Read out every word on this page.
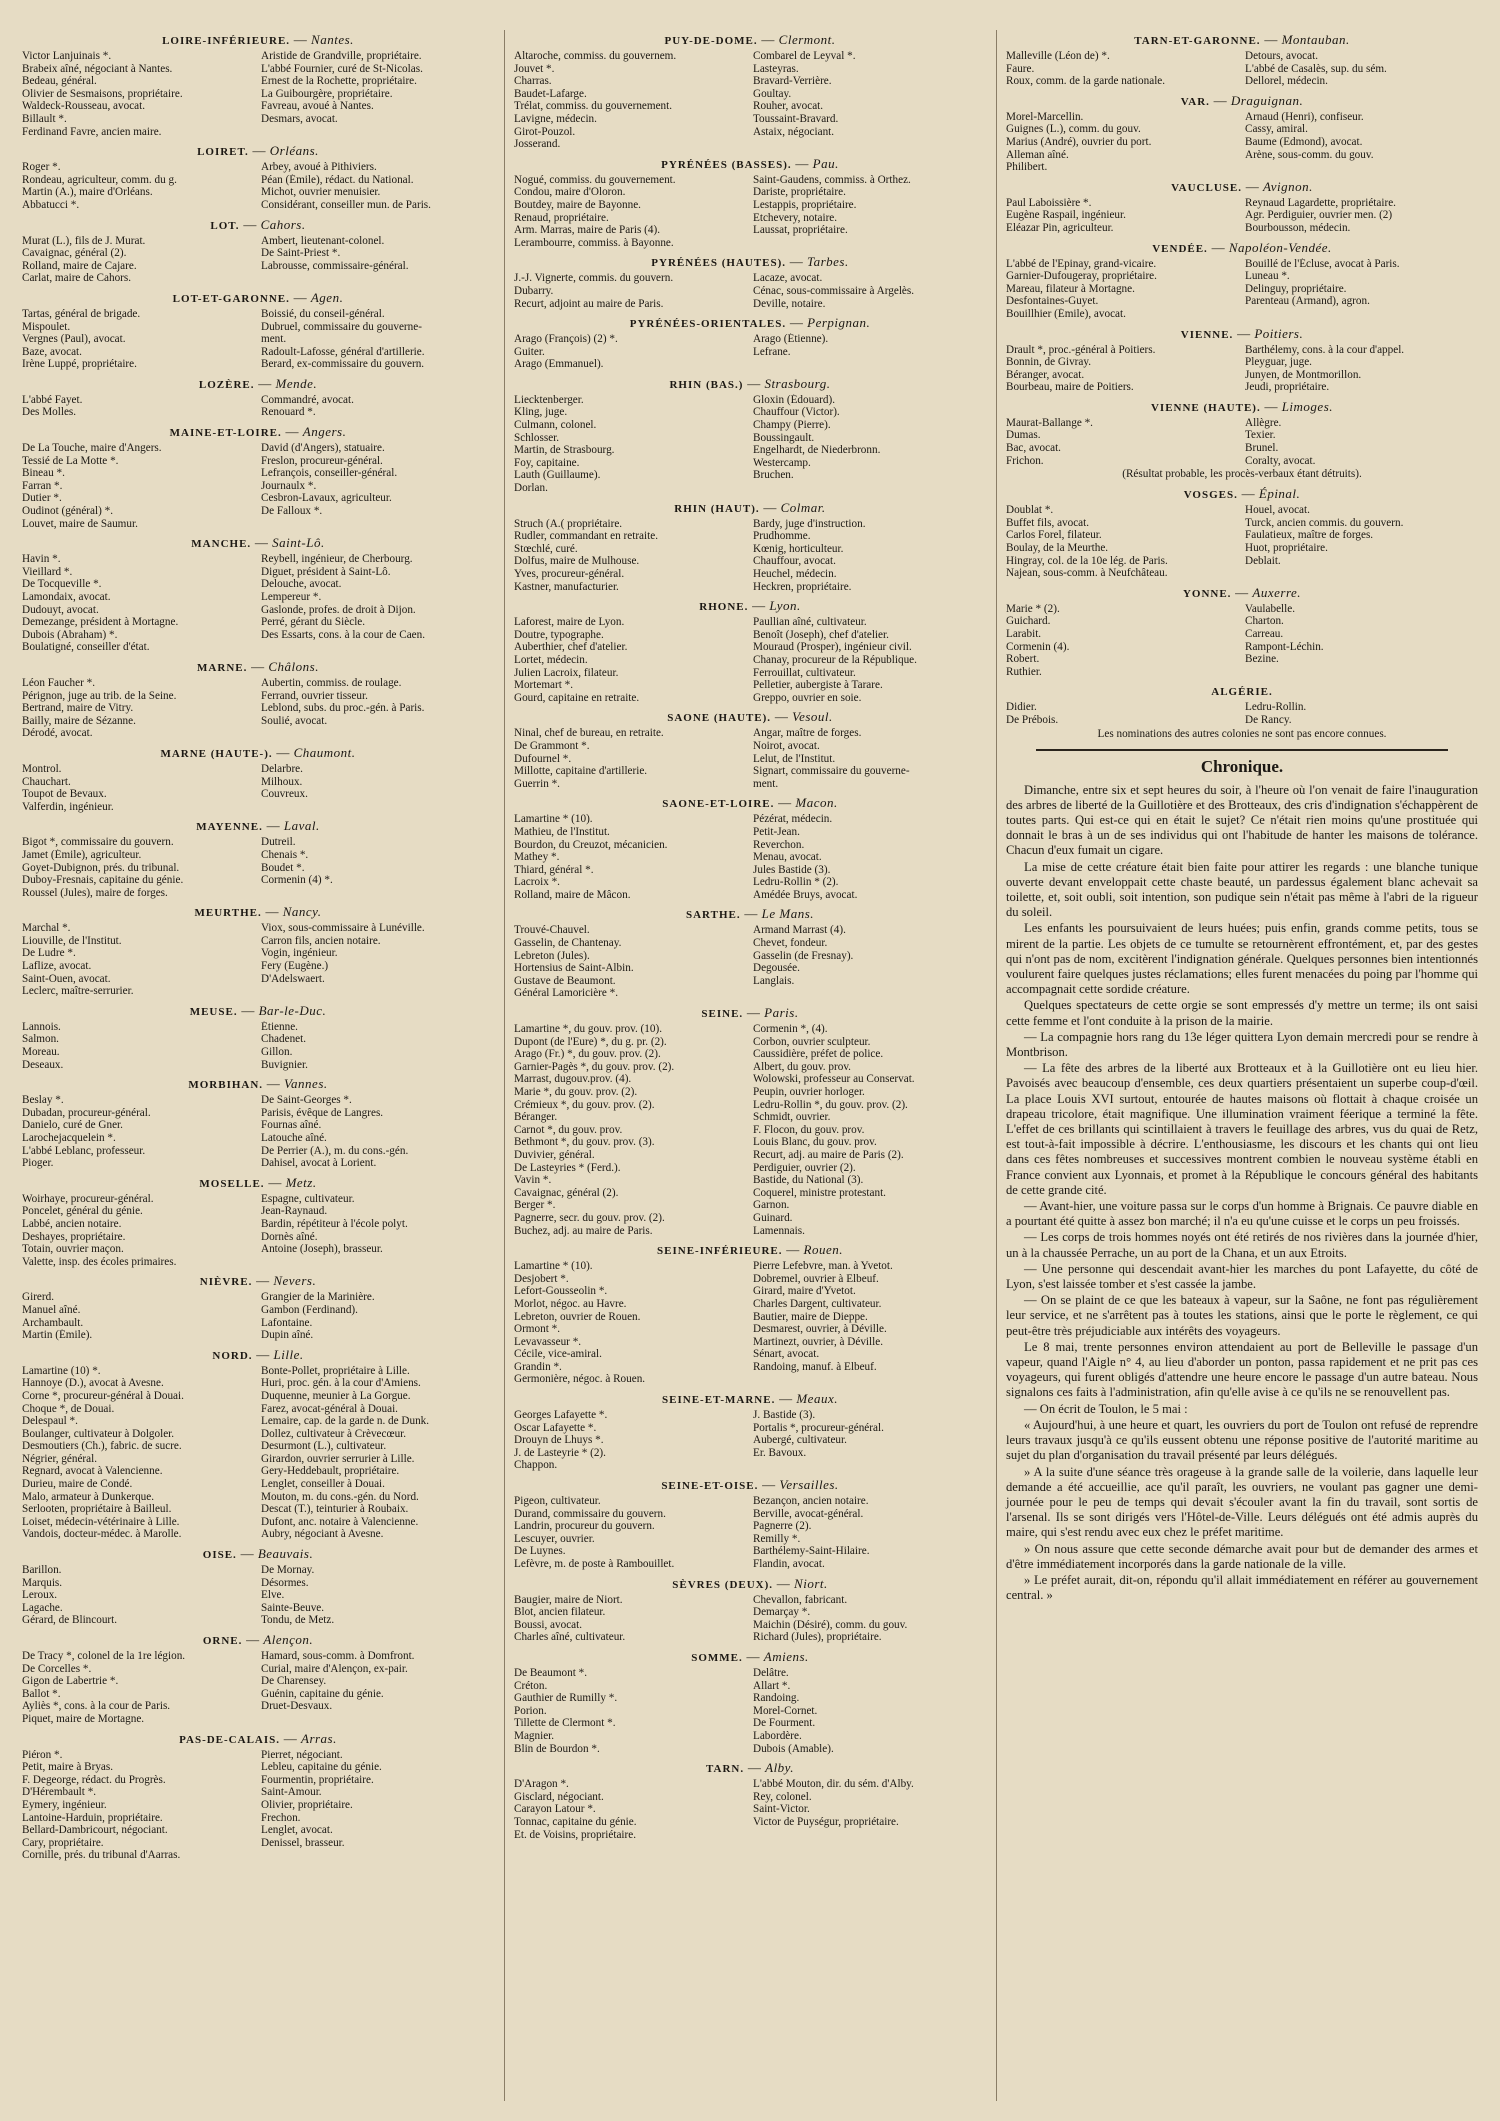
LOIRE-INFÉRIEURE. — Nantes.
Victor Lanjuinais *.	Aristide de Grandville, propriétaire.
Brabeix aîné, négociant à Nantes.	L'abbé Fournier, curé de St-Nicolas.
Bedeau, général.	Ernest de la Rochette, propriétaire.
Olivier de Sesmaisons, propriétaire.	La Guibourgère, propriétaire.
Waldeck-Rousseau, avocat.	Favreau, avoué à Nantes.
Billault *.	Desmars, avocat.
Ferdinand Favre, ancien maire.
LOIRET. — Orléans.
Roger *.	Arbey, avoué à Pithiviers.
Rondeau, agriculteur, comm. du g.	Péan (Émile), rédact. du National.
Martin (A.), maire d'Orléans.	Michot, ouvrier menuisier.
Abbatucci *.	Considérant, conseiller mun. de Paris.
LOT. — Cahors.
Murat (L.), fils de J. Murat.	Ambert, lieutenant-colonel.
Cavaignac, général (2).	De Saint-Priest *.
Rolland, maire de Cajare.	Labrousse, commissaire-général.
Carlat, maire de Cahors.
LOT-ET-GARONNE. — Agen.
Tartas, général de brigade.	Boissié, du conseil-général.
Mispoulet.	Dubruel, commissaire du gouverne-
Vergnes (Paul), avocat.	ment.
Baze, avocat.	Radoult-Lafosse, général d'artillerie.
Irène Luppé, propriétaire.	Berard, ex-commissaire du gouvern.
LOZÈRE. — Mende.
L'abbé Fayet.	Commandré, avocat.
Des Molles.	Renouard *.
MAINE-ET-LOIRE. — Angers.
De La Touche, maire d'Angers.	David (d'Angers), statuaire.
Tessié de La Motte *.	Freslon, procureur-général.
Bineau *.	Lefrançois, conseiller-général.
Farran *.	Journaulx *.
Dutier *.	Cesbron-Lavaux, agriculteur.
Oudinot (général) *.	De Falloux *.
Louvet, maire de Saumur.
MANCHE. — Saint-Lô.
Havin *.	Reybell, ingénieur, de Cherbourg.
Vieillard *.	Diguet, président à Saint-Lô.
De Tocqueville *.	Delouche, avocat.
Lamondaix, avocat.	Lempereur *.
Dudouyt, avocat.	Gaslonde, profes. de droit à Dijon.
Demezange, président à Mortagne.	Perré, gérant du Siècle.
Dubois (Abraham) *.	Des Essarts, cons. à la cour de Caen.
Boulatigné, conseiller d'état.
MARNE. — Châlons.
Léon Faucher *.	Aubertin, commiss. de roulage.
Pérignon, juge au trib. de la Seine.	Ferrand, ouvrier tisseur.
Bertrand, maire de Vitry.	Leblond, subs. du proc.-gén. à Paris.
Bailly, maire de Sézanne.	Soulié, avocat.
Dérodé, avocat.
MARNE (HAUTE-). — Chaumont.
Montrol.	Delarbre.
Chauchart.	Milhoux.
Toupot de Bevaux.	Couvreux.
Valferdin, ingénieur.
MAYENNE. — Laval.
Bigot *, commissaire du gouvern.	Dutreil.
Jamet (Émile), agriculteur.	Chenais *.
Goyet-Dubignon, prés. du tribunal.	Boudet *.
Duboy-Fresnais, capitaine du génie.	Cormenin (4) *.
Roussel (Jules), maire de forges.
MEURTHE. — Nancy.
Marchal *.	Viox, sous-commissaire à Lunéville.
Liouville, de l'Institut.	Carron fils, ancien notaire.
De Ludre *.	Vogin, ingénieur.
Laflize, avocat.	Fery (Eugène.)
Saint-Ouen, avocat.	D'Adelswaert.
Leclerc, maître-serrurier.
MEUSE. — Bar-le-Duc.
Lannois.	Étienne.
Salmon.	Chadenet.
Moreau.	Gillon.
Deseaux.	Buvignier.
MORBIHAN. — Vannes.
Beslay *.	De Saint-Georges *.
Dubadan, procureur-général.	Parisis, évêque de Langres.
Danielo, curé de Gner.	Fournas aîné.
Larochejacquelein *.	Latouche aîné.
L'abbé Leblanc, professeur.	De Perrier (A.), m. du cons.-gén.
Pioger.	Dahisel, avocat à Lorient.
MOSELLE. — Metz.
Woirhaye, procureur-général.	Espagne, cultivateur.
Poncelet, général du génie.	Jean-Raynaud.
Labbé, ancien notaire.	Bardin, répétiteur à l'école polyt.
Deshayes, propriétaire.	Dornès aîné.
Totain, ouvrier maçon.	Antoine (Joseph), brasseur.
Valette, insp. des écoles primaires.
NIÈVRE. — Nevers.
Girerd.	Grangier de la Marinière.
Manuel aîné.	Gambon (Ferdinand).
Archambault.	Lafontaine.
Martin (Émile).	Dupin aîné.
NORD. — Lille.
Lamartine (10) *.	Bonte-Pollet, propriétaire à Lille.
Hannoye (D.), avocat à Avesne.	Huri, proc. gén. à la cour d'Amiens.
Corne *, procureur-général à Douai.	Duquenne, meunier à La Gorgue.
Choque *, de Douai.	Farez, avocat-général à Douai.
Delespaul *.	Lemaire, cap. de la garde n. de Dunk.
Boulanger, cultivateur à Dolgoler.	Dollez, cultivateur à Crèvecœur.
Desmoutiers (Ch.), fabric. de sucre.	Desurmont (L.), cultivateur.
Négrier, général.	Girardon, ouvrier serrurier à Lille.
Regnard, avocat à Valencienne.	Gery-Heddebault, propriétaire.
Durieu, maire de Condé.	Lenglet, conseiller à Douai.
Malo, armateur à Dunkerque.	Mouton, m. du cons.-gén. du Nord.
Serlooten, propriétaire à Bailleul.	Descat (T.), teinturier à Roubaix.
Loiset, médecin-vétérinaire à Lille.	Dufont, anc. notaire à Valencienne.
Vandois, docteur-médec. à Marolle.	Aubry, négociant à Avesne.
OISE. — Beauvais.
Barillon.	De Mornay.
Marquis.	Désormes.
Leroux.	Elve.
Lagache.	Sainte-Beuve.
Gérard, de Blincourt.	Tondu, de Metz.
ORNE. — Alençon.
De Tracy *, colonel de la 1re légion.	Hamard, sous-comm. à Domfront.
De Corcelles *.	Curial, maire d'Alençon, ex-pair.
Gigon de Labertrie *.	De Charensey.
Ballot *.	Guénin, capitaine du génie.
Ayliès *, cons. à la cour de Paris.	Druet-Desvaux.
Piquet, maire de Mortagne.
PAS-DE-CALAIS. — Arras.
Piéron *.	Pierret, négociant.
Petit, maire à Bryas.	Lebleu, capitaine du génie.
F. Degeorge, rédact. du Progrès.	Fourmentin, propriétaire.
D'Hérembault *.	Saint-Amour.
Eymery, ingénieur.	Olivier, propriétaire.
Lantoine-Harduin, propriétaire.	Frechon.
Bellard-Dambricourt, négociant.	Lenglet, avocat.
Cary, propriétaire.	Denissel, brasseur.
Cornille, prés. du tribunal d'Aarras.
PUY-DE-DOME. — Clermont.
Altaroche, commiss. du gouvernem.	Combarel de Leyval *.
Jouvet *.	Lasteyras.
Charras.	Bravard-Verrière.
Baudet-Lafarge.	Goultay.
Trélat, commiss. du gouvernement.	Rouher, avocat.
Lavigne, médecin.	Toussaint-Bravard.
Girot-Pouzol.	Astaix, négociant.
Josserand.
PYRÉNÉES (BASSES). — Pau.
Nogué, commiss. du gouvernement.	Saint-Gaudens, commiss. à Orthez.
Condou, maire d'Oloron.	Dariste, propriétaire.
Boutdey, maire de Bayonne.	Lestappis, propriétaire.
Renaud, propriétaire.	Etchevery, notaire.
Arm. Marras, maire de Paris (4).	Laussat, propriétaire.
Lerambourre, commiss. à Bayonne.
PYRÉNÉES (HAUTES). — Tarbes.
J.-J. Vignerte, commis. du gouvern.	Lacaze, avocat.
Dubarry.	Cénac, sous-commissaire à Argelès.
Recurt, adjoint au maire de Paris.	Deville, notaire.
PYRÉNÉES-ORIENTALES. — Perpignan.
Arago (François) (2) *.	Arago (Étienne).
Guiter.	Lefrane.
Arago (Emmanuel).
RHIN (BAS.) — Strasbourg.
Liecktenberger.	Gloxin (Édouard).
Kling, juge.	Chauffour (Victor).
Culmann, colonel.	Champy (Pierre).
Schlosser.	Boussingault.
Martin, de Strasbourg.	Engelhardt, de Niederbronn.
Foy, capitaine.	Westercamp.
Lauth (Guillaume).	Bruchen.
Dorlan.
RHIN (HAUT). — Colmar.
Struch (A.( propriétaire.	Bardy, juge d'instruction.
Rudler, commandant en retraite.	Prudhomme.
Stœchlé, curé.	Kœnig, horticulteur.
Dolfus, maire de Mulhouse.	Chauffour, avocat.
Yves, procureur-général.	Heuchel, médecin.
Kastner, manufacturier.	Heckren, propriétaire.
RHONE. — Lyon.
Laforest, maire de Lyon.	Paullian aîné, cultivateur.
Doutre, typographe.	Benoît (Joseph), chef d'atelier.
Auberthier, chef d'atelier.	Mouraud (Prosper), ingénieur civil.
Lortet, médecin.	Chanay, procureur de la République.
Julien Lacroix, filateur.	Ferrouillat, cultivateur.
Mortemart *.	Pelletier, aubergiste à Tarare.
Gourd, capitaine en retraite.	Greppo, ouvrier en soie.
SAONE (HAUTE). — Vesoul.
Ninal, chef de bureau, en retraite.	Angar, maître de forges.
De Grammont *.	Noirot, avocat.
Dufournel *.	Lelut, de l'Institut.
Millotte, capitaine d'artillerie.	Signart, commissaire du gouverne-
Guerrin *.	ment.
SAONE-ET-LOIRE. — Macon.
Lamartine * (10).	Pézérat, médecin.
Mathieu, de l'Institut.	Petit-Jean.
Bourdon, du Creuzot, mécanicien.	Reverchon.
Mathey *.	Menau, avocat.
Thiard, général *.	Jules Bastide (3).
Lacroix *.	Ledru-Rollin * (2).
Rolland, maire de Mâcon.	Amédée Bruys, avocat.
SARTHE. — Le Mans.
Trouvé-Chauvel.	Armand Marrast (4).
Gasselin, de Chantenay.	Chevet, fondeur.
Lebreton (Jules).	Gasselin (de Fresnay).
Hortensius de Saint-Albin.	Degousée.
Gustave de Beaumont.	Langlais.
Général Lamoricière *.
SEINE. — Paris.
Lamartine *, du gouv. prov. (10).	Cormenin *, (4).
Dupont (de l'Eure) *, du g. pr. (2).	Corbon, ouvrier sculpteur.
Arago (Fr.) *, du gouv. prov. (2).	Caussidière, préfet de police.
Garnier-Pagès *, du gouv. prov. (2).	Albert, du gouv. prov.
Marrast, dugouv.prov. (4).	Wolowski, professeur au Conservat.
Marie *, du gouv. prov. (2).	Peupin, ouvrier horloger.
Crémieux *, du gouv. prov. (2).	Ledru-Rollin *, du gouv. prov. (2).
Béranger.	Schmidt, ouvrier.
Carnot *, du gouv. prov.	F. Flocon, du gouv. prov.
Bethmont *, du gouv. prov. (3).	Louis Blanc, du gouv. prov.
Duvivier, général.	Recurt, adj. au maire de Paris (2).
De Lasteyries * (Ferd.).	Perdiguier, ouvrier (2).
Vavin *.	Bastide, du National (3).
Cavaignac, général (2).	Coquerel, ministre protestant.
Berger *.	Garnon.
Pagnerre, secr. du gouv. prov. (2).	Guinard.
Buchez, adj. au maire de Paris.	Lamennais.
SEINE-INFÉRIEURE. — Rouen.
Lamartine * (10).	Pierre Lefebvre, man. à Yvetot.
Desjobert *.	Dobremel, ouvrier à Elbeuf.
Lefort-Gousseolin *.	Girard, maire d'Yvetot.
Morlot, négoc. au Havre.	Charles Dargent, cultivateur.
Lebreton, ouvrier de Rouen.	Bautier, maire de Dieppe.
Ormont *.	Desmarest, ouvrier, à Déville.
Levavasseur *.	Martinezt, ouvrier, à Déville.
Cécile, vice-amiral.	Sénart, avocat.
Grandin *.	Randoing, manuf. à Elbeuf.
Germonière, négoc. à Rouen.
SEINE-ET-MARNE. — Meaux.
Georges Lafayette *.	J. Bastide (3).
Oscar Lafayette *.	Portalis *, procureur-général.
Drouyn de Lhuys *.	Aubergé, cultivateur.
J. de Lasteyrie * (2).	Er. Bavoux.
Chappon.
SEINE-ET-OISE. — Versailles.
Pigeon, cultivateur.	Bezançon, ancien notaire.
Durand, commissaire du gouvern.	Berville, avocat-général.
Landrin, procureur du gouvern.	Pagnerre (2).
Lescuyer, ouvrier.	Remilly *.
De Luynes.	Barthélemy-Saint-Hilaire.
Lefèvre, m. de poste à Rambouillet.	Flandin, avocat.
SÈVRES (DEUX). — Niort.
Baugier, maire de Niort.	Chevallon, fabricant.
Blot, ancien filateur.	Demarçay *.
Boussi, avocat.	Maichin (Désiré), comm. du gouv.
Charles aîné, cultivateur.	Richard (Jules), propriétaire.
SOMME. — Amiens.
De Beaumont *.	Delâtre.
Créton.	Allart *.
Gauthier de Rumilly *.	Randoing.
Porion.	Morel-Cornet.
Tillette de Clermont *.	De Fourment.
Magnier.	Labordère.
Blin de Bourdon *.	Dubois (Amable).
TARN. — Alby.
D'Aragon *.	L'abbé Mouton, dir. du sém. d'Alby.
Gisclard, négociant.	Rey, colonel.
Carayon Latour *.	Saint-Victor.
Tonnac, capitaine du génie.	Victor de Puységur, propriétaire.
Et. de Voisins, propriétaire.
TARN-ET-GARONNE. — Montauban.
Malleville (Léon de) *.	Detours, avocat.
Faure.	L'abbé de Casalès, sup. du sém.
Roux, comm. de la garde nationale.	Dellorel, médecin.
VAR. — Draguignan.
Morel-Marcellin.	Arnaud (Henri), confiseur.
Guignes (L.), comm. du gouv.	Cassy, amiral.
Marius (André), ouvrier du port.	Baume (Edmond), avocat.
Alleman aîné.	Arène, sous-comm. du gouv.
Philibert.
VAUCLUSE. — Avignon.
Paul Laboissière *.	Reynaud Lagardette, propriétaire.
Eugène Raspail, ingénieur.	Agr. Perdiguier, ouvrier men. (2)
Eléazar Pin, agriculteur.	Bourbousson, médecin.
VENDÉE. — Napoléon-Vendée.
L'abbé de l'Epinay, grand-vicaire.	Bouillé de l'Écluse, avocat à Paris.
Garnier-Dufougeray, propriétaire.	Luneau *.
Mareau, filateur à Mortagne.	Delinguy, propriétaire.
Desfontaines-Guyet.	Parenteau (Armand), agron.
Bouillhier (Émile), avocat.
VIENNE. — Poitiers.
Drault *, proc.-général à Poitiers.	Barthélemy, cons. à la cour d'appel.
Bonnin, de Givray.	Pleyguar, juge.
Béranger, avocat.	Junyen, de Montmorillon.
Bourbeau, maire de Poitiers.	Jeudi, propriétaire.
VIENNE (HAUTE). — Limoges.
Maurat-Ballange *.	Allègre.
Dumas.	Texier.
Bac, avocat.	Brunel.
Frichon.	Coralty, avocat.
(Résultat probable, les procès-verbaux étant détruits).
VOSGES. — Épinal.
Doublat *.	Houel, avocat.
Buffet fils, avocat.	Turck, ancien commis. du gouvern.
Carlos Forel, filateur.	Faulatieux, maître de forges.
Boulay, de la Meurthe.	Huot, propriétaire.
Hingray, col. de la 10e lég. de Paris.	Deblait.
Najean, sous-comm. à Neufchâteau.
YONNE. — Auxerre.
Marie * (2).	Vaulabelle.
Guichard.	Charton.
Larabit.	Carreau.
Cormenin (4).	Rampont-Léchin.
Robert.	Bezine.
Ruthier.
ALGÉRIE.
Didier.	Ledru-Rollin.
De Prébois.	De Rancy.
Les nominations des autres colonies ne sont pas encore connues.
Chronique.

Dimanche, entre six et sept heures du soir, à l'heure où l'on venait de faire l'inauguration des arbres de liberté de la Guillotière et des Brotteaux, des cris d'indignation s'échappèrent de toutes parts. Qui est-ce qui en était le sujet? Ce n'était rien moins qu'une prostituée qui donnait le bras à un de ses individus qui ont l'habitude de hanter les maisons de tolérance. Chacun d'eux fumait un cigare.

La mise de cette créature était bien faite pour attirer les regards : une blanche tunique ouverte devant enveloppait cette chaste beauté, un pardessus également blanc achevait sa toilette, et, soit oubli, soit intention, son pudique sein n'était pas même à l'abri de la rigueur du soleil.

Les enfants les poursuivaient de leurs huées; puis enfin, grands comme petits, tous se mirent de la partie. Les objets de ce tumulte se retournèrent effrontément, et, par des gestes qui n'ont pas de nom, excitèrent l'indignation générale. Quelques personnes bien intentionnés voulurent faire quelques justes réclamations; elles furent menacées du poing par l'homme qui accompagnait cette sordide créature.

Quelques spectateurs de cette orgie se sont empressés d'y mettre un terme; ils ont saisi cette femme et l'ont conduite à la prison de la mairie.

— La compagnie hors rang du 13e léger quittera Lyon demain mercredi pour se rendre à Montbrison.

— La fête des arbres de la liberté aux Brotteaux et à la Guillotière ont eu lieu hier. Pavoisés avec beaucoup d'ensemble, ces deux quartiers présentaient un superbe coup-d'œil. La place Louis XVI surtout, entourée de hautes maisons où flottait à chaque croisée un drapeau tricolore, était magnifique. Une illumination vraiment féerique a terminé la fête. L'effet de ces brillants qui scintillaient à travers le feuillage des arbres, vus du quai de Retz, est tout-à-fait impossible à décrire. L'enthousiasme, les discours et les chants qui ont lieu dans ces fêtes nombreuses et successives montrent combien le nouveau système établi en France convient aux Lyonnais, et promet à la République le concours général des habitants de cette grande cité.

— Avant-hier, une voiture passa sur le corps d'un homme à Brignais. Ce pauvre diable en a pourtant été quitte à assez bon marché; il n'a eu qu'une cuisse et le corps un peu froissés.

— Les corps de trois hommes noyés ont été retirés de nos rivières dans la journée d'hier, un à la chaussée Perrache, un au port de la Chana, et un aux Etroits.

— Une personne qui descendait avant-hier les marches du pont Lafayette, du côté de Lyon, s'est laissée tomber et s'est cassée la jambe.

— On se plaint de ce que les bateaux à vapeur, sur la Saône, ne font pas régulièrement leur service, et ne s'arrêtent pas à toutes les stations, ainsi que le porte le règlement, ce qui peut-être très préjudiciable aux intérêts des voyageurs.

Le 8 mai, trente personnes environ attendaient au port de Belleville le passage d'un vapeur, quand l'Aigle n° 4, au lieu d'aborder un ponton, passa rapidement et ne prit pas ces voyageurs, qui furent obligés d'attendre une heure encore le passage d'un autre bateau. Nous signalons ces faits à l'administration, afin qu'elle avise à ce qu'ils ne se renouvellent pas.

— On écrit de Toulon, le 5 mai :

« Aujourd'hui, à une heure et quart, les ouvriers du port de Toulon ont refusé de reprendre leurs travaux jusqu'à ce qu'ils eussent obtenu une réponse positive de l'autorité maritime au sujet du plan d'organisation du travail présenté par leurs délégués.

» A la suite d'une séance très orageuse à la grande salle de la voilerie, dans laquelle leur demande a été accueillie, ace qu'il paraît, les ouvriers, ne voulant pas gagner une demi-journée pour le peu de temps qui devait s'écouler avant la fin du travail, sont sortis de l'arsenal. Ils se sont dirigés vers l'Hôtel-de-Ville. Leurs délégués ont été admis auprès du maire, qui s'est rendu avec eux chez le préfet maritime.

» On nous assure que cette seconde démarche avait pour but de demander des armes et d'être immédiatement incorporés dans la garde nationale de la ville.

» Le préfet aurait, dit-on, répondu qu'il allait immédiatement en référer au gouvernement central. »
